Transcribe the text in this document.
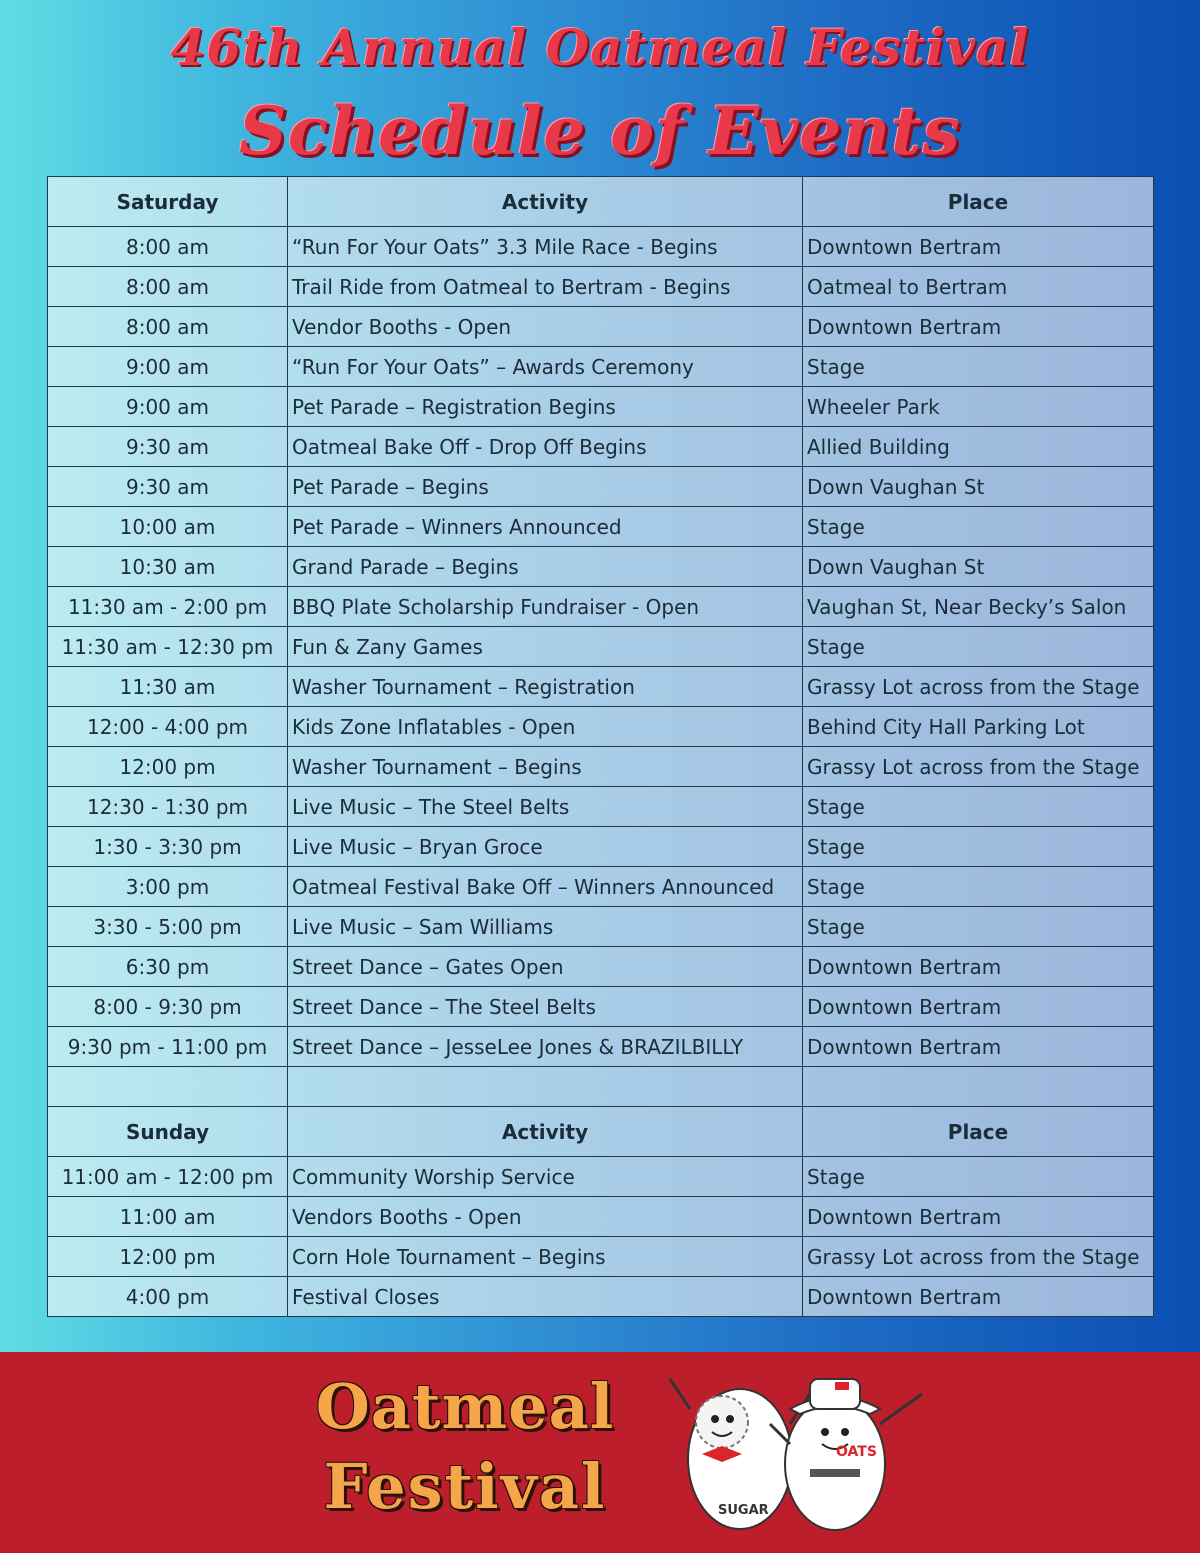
46th Annual Oatmeal Festival
Schedule of Events
Saturday	Activity	Place
8:00 am	“Run For Your Oats” 3.3 Mile Race - Begins	Downtown Bertram
8:00 am	Trail Ride from Oatmeal to Bertram - Begins	Oatmeal to Bertram
8:00 am	Vendor Booths - Open	Downtown Bertram
9:00 am	“Run For Your Oats” – Awards Ceremony	Stage
9:00 am	Pet Parade – Registration Begins	Wheeler Park
9:30 am	Oatmeal Bake Off - Drop Off Begins	Allied Building
9:30 am	Pet Parade – Begins	Down Vaughan St
10:00 am	Pet Parade – Winners Announced	Stage
10:30 am	Grand Parade – Begins	Down Vaughan St
11:30 am - 2:00 pm	BBQ Plate Scholarship Fundraiser - Open	Vaughan St, Near Becky’s Salon
11:30 am - 12:30 pm	Fun & Zany Games	Stage
11:30 am	Washer Tournament – Registration	Grassy Lot across from the Stage
12:00 - 4:00 pm	Kids Zone Inflatables - Open	Behind City Hall Parking Lot
12:00 pm	Washer Tournament – Begins	Grassy Lot across from the Stage
12:30 - 1:30 pm	Live Music – The Steel Belts	Stage
1:30 - 3:30 pm	Live Music – Bryan Groce	Stage
3:00 pm	Oatmeal Festival Bake Off – Winners Announced	Stage
3:30 - 5:00 pm	Live Music – Sam Williams	Stage
6:30 pm	Street Dance – Gates Open	Downtown Bertram
8:00 - 9:30 pm	Street Dance – The Steel Belts	Downtown Bertram
9:30 pm - 11:00 pm	Street Dance – JesseLee Jones & BRAZILBILLY	Downtown Bertram

Sunday	Activity	Place
11:00 am - 12:00 pm	Community Worship Service	Stage
11:00 am	Vendors Booths - Open	Downtown Bertram
12:00 pm	Corn Hole Tournament – Begins	Grassy Lot across from the Stage
4:00 pm	Festival Closes	Downtown Bertram
Oatmeal
Festival	SUGAR
OATS
